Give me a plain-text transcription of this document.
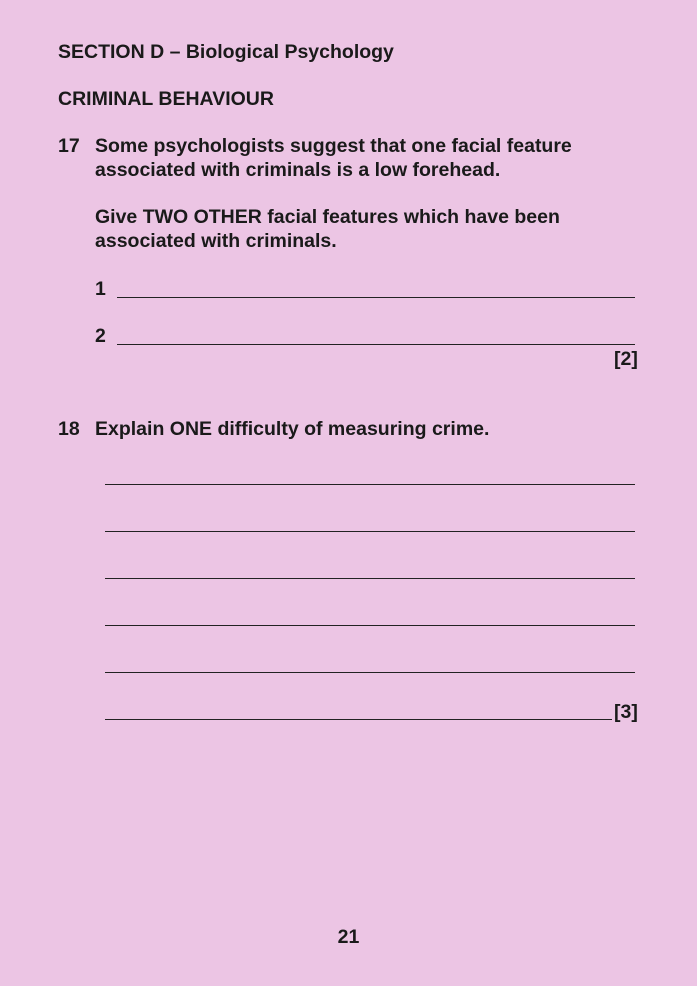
SECTION D – Biological Psychology
CRIMINAL BEHAVIOUR
17 Some psychologists suggest that one facial feature
associated with criminals is a low forehead.
Give TWO OTHER facial features which have been
associated with criminals.
1
2
[2]
18 Explain ONE difficulty of measuring crime.
[3]
21
